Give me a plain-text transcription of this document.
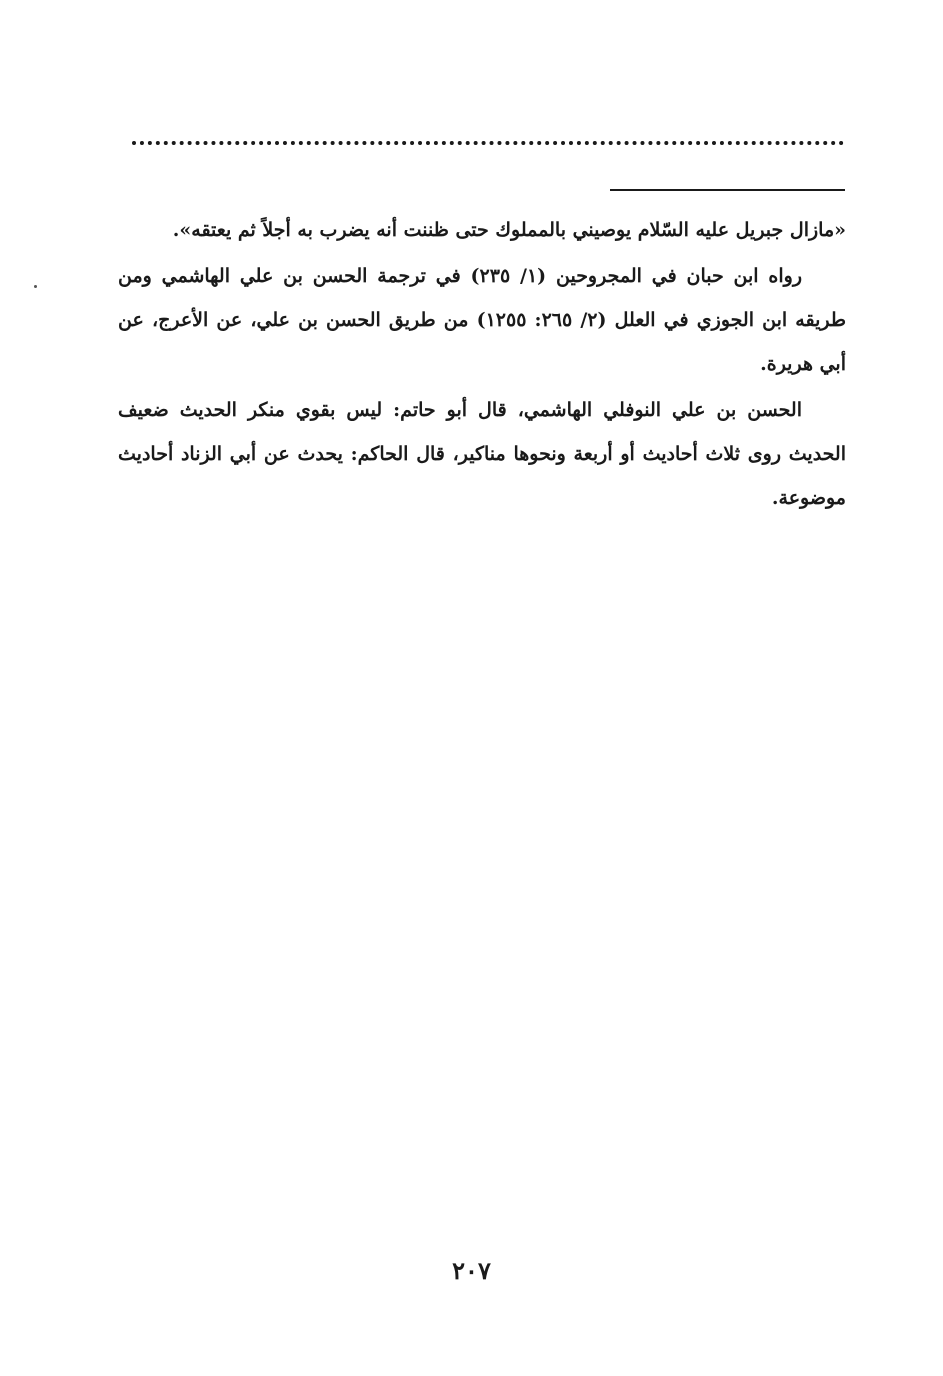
«مازال جبريل عليه السّلام يوصيني بالمملوك حتى ظننت أنه يضرب به أجلاً ثم يعتقه».

رواه ابن حبان في المجروحين (١/ ٢٣٥) في ترجمة الحسن بن علي الهاشمي ومن طريقه ابن الجوزي في العلل (٢/ ٢٦٥: ١٢٥٥) من طريق الحسن بن علي، عن الأعرج، عن أبي هريرة.

الحسن بن علي النوفلي الهاشمي، قال أبو حاتم: ليس بقوي منكر الحديث ضعيف الحديث روى ثلاث أحاديث أو أربعة ونحوها مناكير، قال الحاكم: يحدث عن أبي الزناد أحاديث موضوعة.

٢٠٧
